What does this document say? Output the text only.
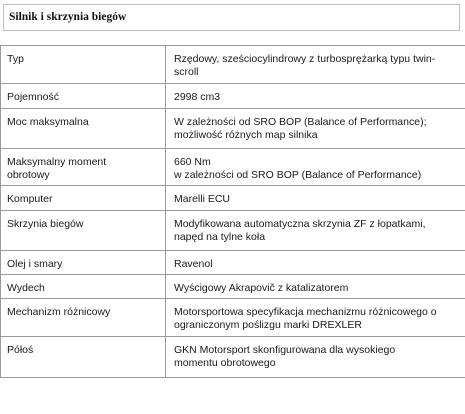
Silnik i skrzynia biegów
Typ	Rzędowy, sześciocylindrowy z turbosprężarką typu twin-
scroll

Pojemność	2998 cm3

Moc maksymalna	W zależności od SRO BOP (Balance of Performance);
możliwość różnych map silnika

Maksymalny moment
obrotowy	660 Nm
w zależności od SRO BOP (Balance of Performance)

Komputer	Marelli ECU

Skrzynia biegów	Modyfikowana automatyczna skrzynia ZF z łopatkami,
napęd na tylne koła

Olej i smary	Ravenol

Wydech	Wyścigowy Akrapovič z katalizatorem

Mechanizm różnicowy	Motorsportowa specyfikacja mechanizmu różnicowego o
ograniczonym poślizgu marki DREXLER

Półoś	GKN Motorsport skonfigurowana dla wysokiego
momentu obrotowego
